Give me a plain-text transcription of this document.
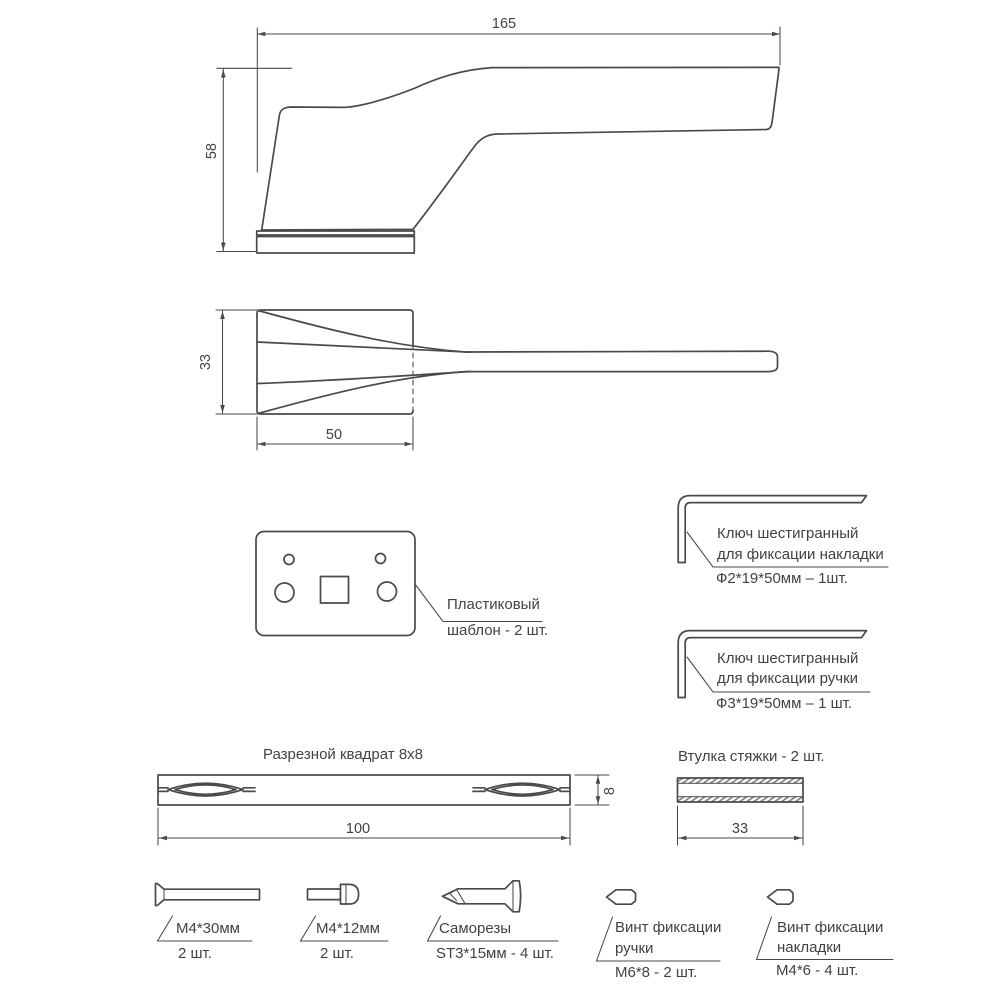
165
58
33
50
Пластиковый
шаблон - 2 шт.
Ключ шестигранный
для фиксации накладки
Ф2*19*50мм – 1шт.
Ключ шестигранный
для фиксации ручки
Ф3*19*50мм – 1 шт.
Разрезной квадрат 8х8
100
8
Втулка стяжки - 2 шт.
33
М4*30мм
2 шт.
М4*12мм
2 шт.
Саморезы
ST3*15мм - 4 шт.
Винт фиксации
ручки
М6*8 - 2 шт.
Винт фиксации
накладки
М4*6 - 4 шт.
